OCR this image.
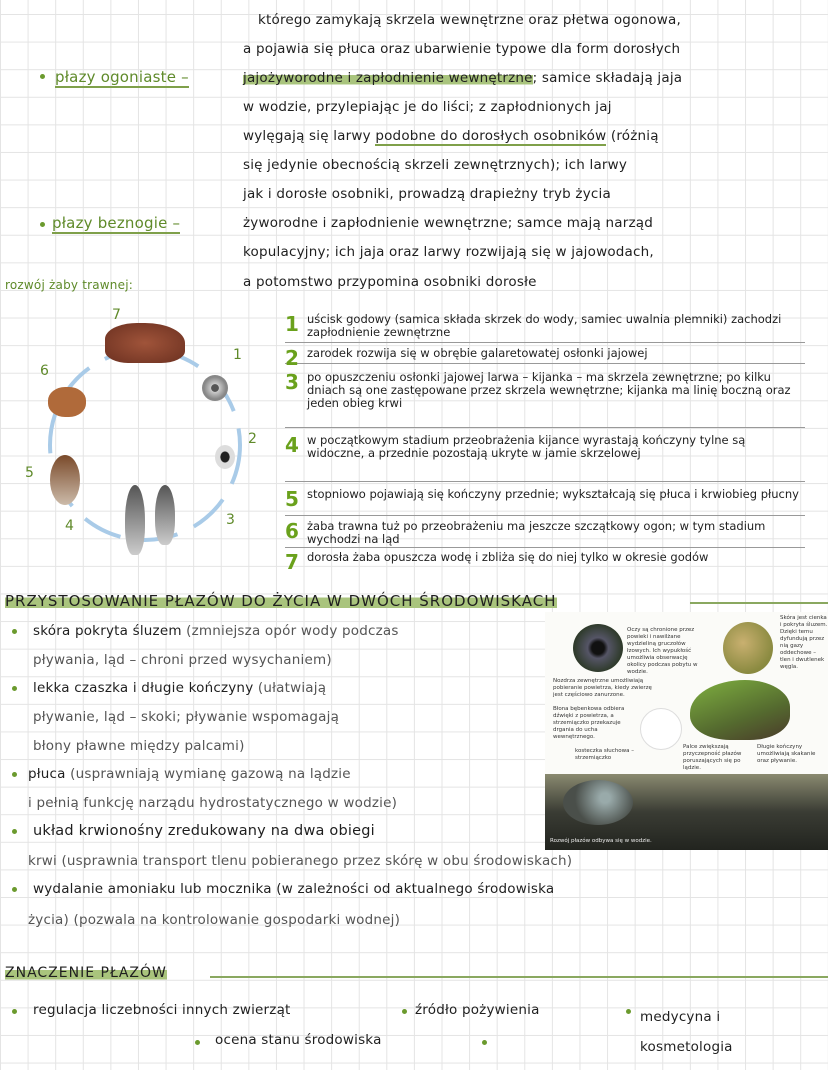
którego zamykają skrzela wewnętrzne oraz płetwa ogonowa,
a pojawia się płuca oraz ubarwienie typowe dla form dorosłych
płazy ogoniaste –	jajożyworodne i zapłodnienie wewnętrzne; samice składają jaja
w wodzie, przylepiając je do liści; z zapłodnionych jaj
wylęgają się larwy podobne do dorosłych osobników (różnią
się jedynie obecnością skrzeli zewnętrznych); ich larwy
jak i dorosłe osobniki, prowadzą drapieżny tryb życia
płazy beznogie –	żyworodne i zapłodnienie wewnętrzne; samce mają narząd
kopulacyjny; ich jaja oraz larwy rozwijają się w jajowodach,
a potomstwo przypomina osobniki dorosłe
rozwój żaby trawnej:
7
1
2
3
4
5
6
1 uścisk godowy (samica składa skrzek do wody, samiec uwalnia plemniki) zachodzi zapłodnienie zewnętrzne
2 zarodek rozwija się w obrębie galaretowatej osłonki jajowej
3 po opuszczeniu osłonki jajowej larwa – kijanka – ma skrzela zewnętrzne; po kilku dniach są one zastępowane przez skrzela wewnętrzne; kijanka ma linię boczną oraz jeden obieg krwi
4 w początkowym stadium przeobrażenia kijance wyrastają kończyny tylne są widoczne, a przednie pozostają ukryte w jamie skrzelowej
5 stopniowo pojawiają się kończyny przednie; wykształcają się płuca i krwiobieg płucny
6 żaba trawna tuż po przeobrażeniu ma jeszcze szczątkowy ogon; w tym stadium wychodzi na ląd
7 dorosła żaba opuszcza wodę i zbliża się do niej tylko w okresie godów
PRZYSTOSOWANIE PŁAZÓW DO ŻYCIA W DWÓCH ŚRODOWISKACH
skóra pokryta śluzem (zmniejsza opór wody podczas
pływania, ląd – chroni przed wysychaniem)
lekka czaszka i długie kończyny (ułatwiają
pływanie, ląd – skoki; pływanie wspomagają
błony pławne między palcami)
płuca (usprawniają wymianę gazową na lądzie
i pełnią funkcję narządu hydrostatycznego w wodzie)
układ krwionośny zredukowany na dwa obiegi
krwi (usprawnia transport tlenu pobieranego przez skórę w obu środowiskach)
wydalanie amoniaku lub mocznika (w zależności od aktualnego środowiska
życia) (pozwala na kontrolowanie gospodarki wodnej)
Rozwój płazów odbywa się w wodzie.
Oczy są chronione przez powieki i nawilżane wydzieliną gruczołów łzowych. Ich wypukłość umożliwia obserwację okolicy podczas pobytu w wodzie.
Skóra jest cienka i pokryta śluzem. Dzięki temu dyfundują przez nią gazy oddechowe – tlen i dwutlenek węgla.
Nozdrza zewnętrzne umożliwiają pobieranie powietrza, kiedy zwierzę jest częściowo zanurzone.
Błona bębenkowa odbiera dźwięki z powietrza, a strzemiączko przekazuje drgania do ucha wewnętrznego.
kosteczka słuchowa – strzemiączko
Palce zwiększają przyczepność płazów poruszających się po lądzie.
Długie kończyny umożliwiają skakanie oraz pływanie.
ZNACZENIE PŁAZÓW
regulacja liczebności innych zwierząt	źródło pożywienia	medycyna i kosmetologia
ocena stanu środowiska
